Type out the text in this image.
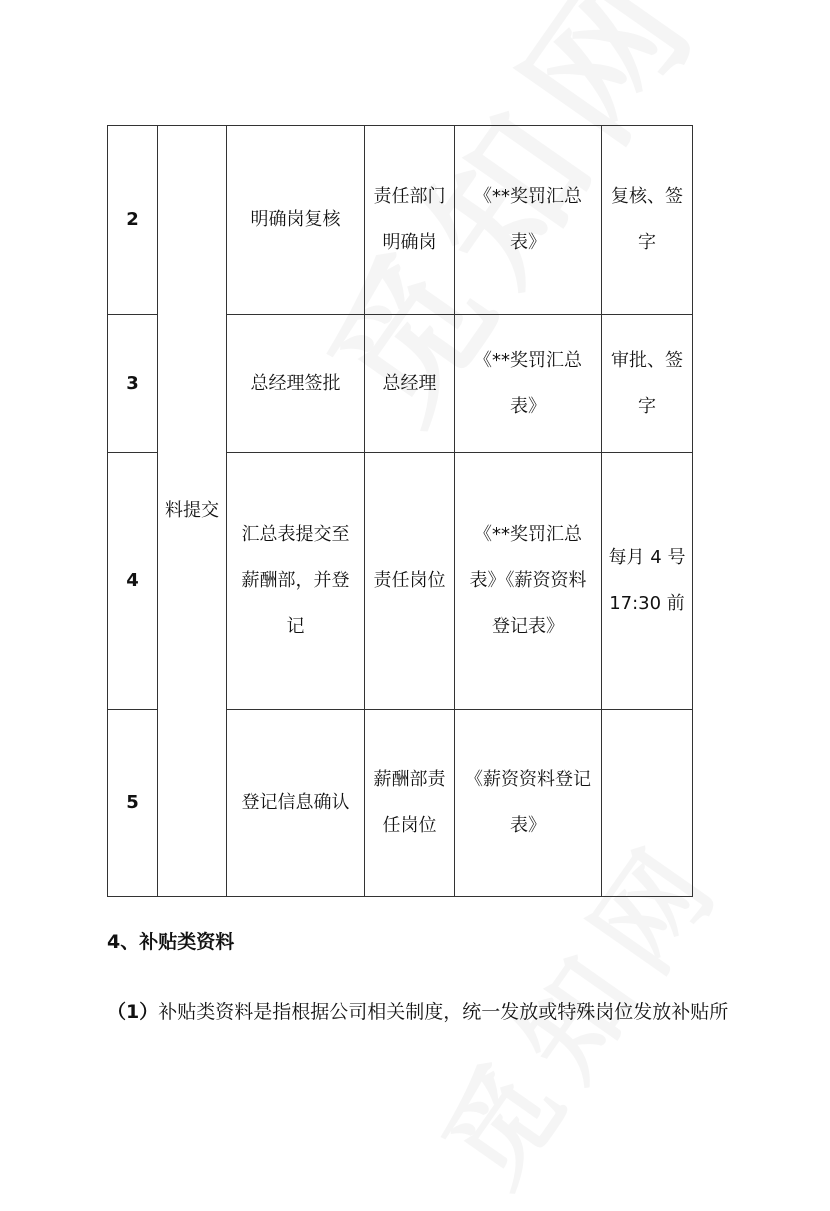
2	料提交	明确岗复核	责任部门明确岗	《**奖罚汇总表》	复核、签字
3		总经理签批	总经理	《**奖罚汇总表》	审批、签字
4		汇总表提交至薪酬部，并登记	责任岗位	《**奖罚汇总表》《薪资资料登记表》	每月 4 号 17:30 前
5		登记信息确认	薪酬部责任岗位	《薪资资料登记表》	
4、补贴类资料
（1）补贴类资料是指根据公司相关制度，统一发放或特殊岗位发放补贴所
